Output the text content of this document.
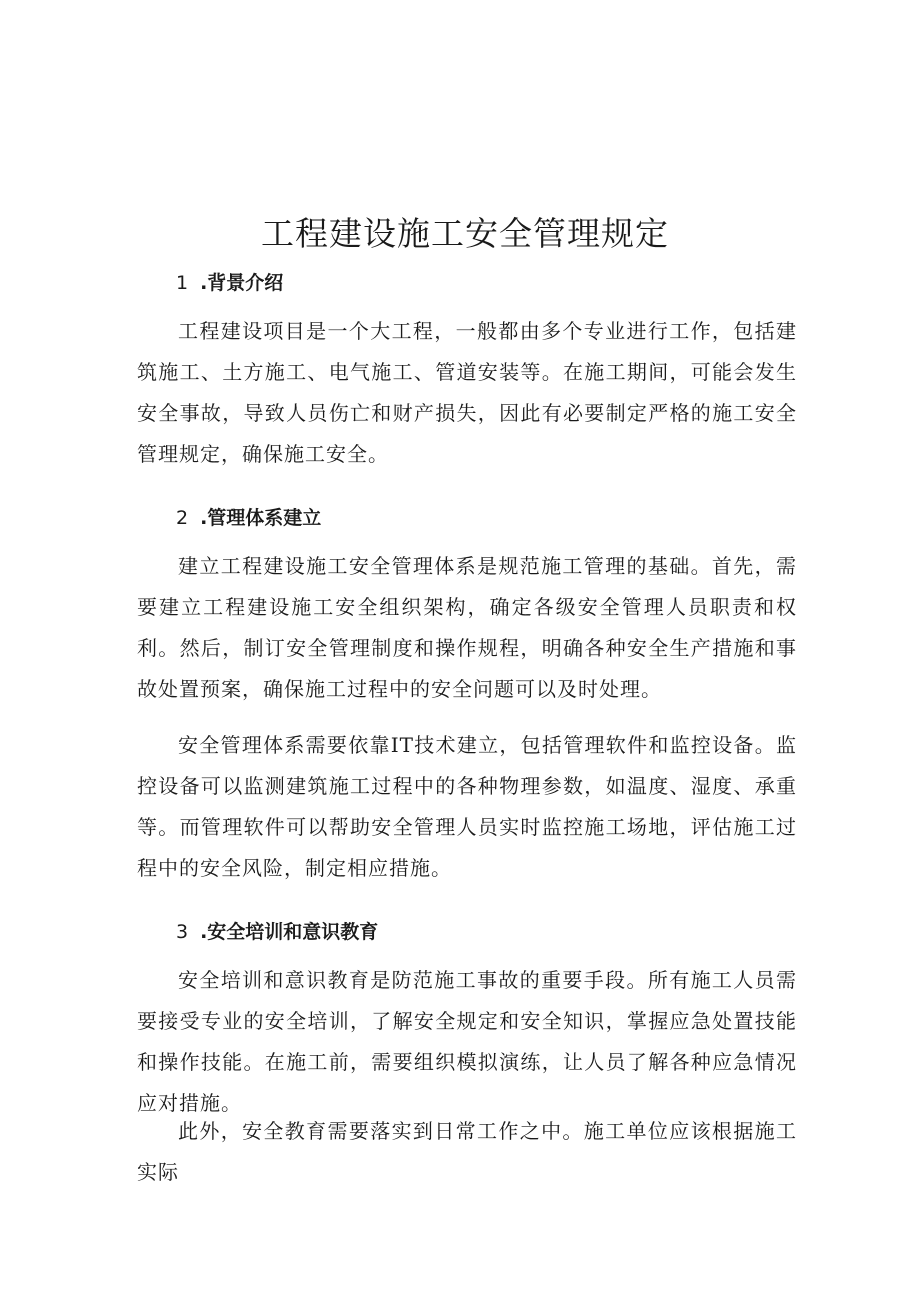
工程建设施工安全管理规定
1 .背景介绍

工程建设项目是一个大工程，一般都由多个专业进行工作，包括建筑施工、土方施工、电气施工、管道安装等。在施工期间，可能会发生安全事故，导致人员伤亡和财产损失，因此有必要制定严格的施工安全管理规定，确保施工安全。

2 .管理体系建立

建立工程建设施工安全管理体系是规范施工管理的基础。首先，需要建立工程建设施工安全组织架构，确定各级安全管理人员职责和权利。然后，制订安全管理制度和操作规程，明确各种安全生产措施和事故处置预案，确保施工过程中的安全问题可以及时处理。

安全管理体系需要依靠IT技术建立，包括管理软件和监控设备。监控设备可以监测建筑施工过程中的各种物理参数，如温度、湿度、承重等。而管理软件可以帮助安全管理人员实时监控施工场地，评估施工过程中的安全风险，制定相应措施。

3 .安全培训和意识教育

安全培训和意识教育是防范施工事故的重要手段。所有施工人员需要接受专业的安全培训，了解安全规定和安全知识，掌握应急处置技能和操作技能。在施工前，需要组织模拟演练，让人员了解各种应急情况应对措施。

此外，安全教育需要落实到日常工作之中。施工单位应该根据施工实际
